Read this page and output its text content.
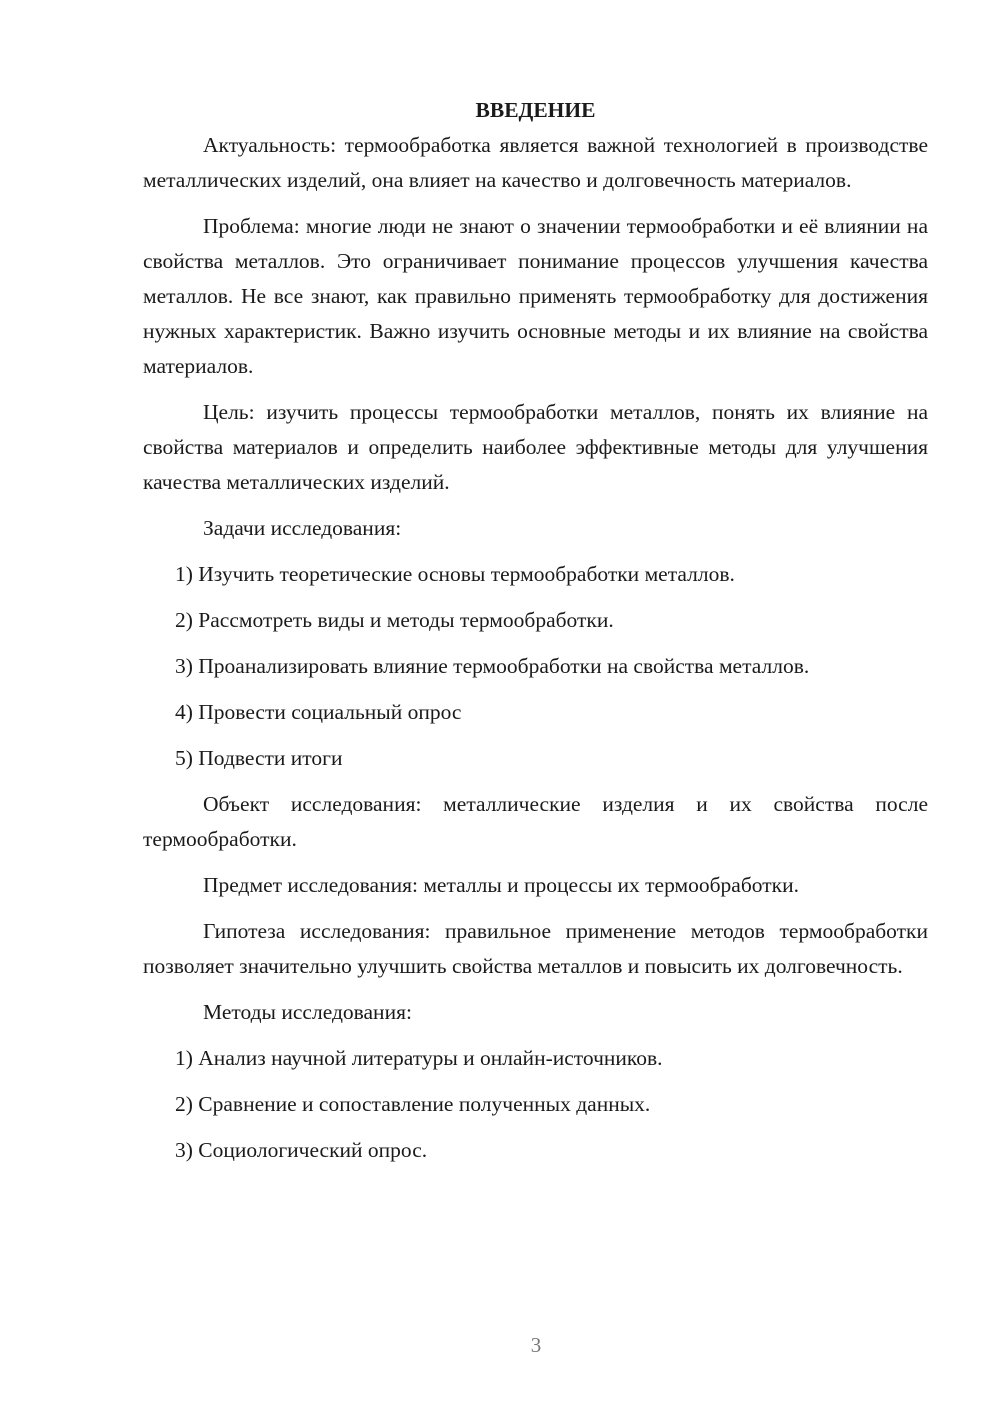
ВВЕДЕНИЕ

Актуальность: термообработка является важной технологией в производстве металлических изделий, она влияет на качество и долговечность материалов.

Проблема: многие люди не знают о значении термообработки и её влиянии на свойства металлов. Это ограничивает понимание процессов улучшения качества металлов. Не все знают, как правильно применять термообработку для достижения нужных характеристик. Важно изучить основные методы и их влияние на свойства материалов.

Цель: изучить процессы термообработки металлов, понять их влияние на свойства материалов и определить наиболее эффективные методы для улучшения качества металлических изделий.

Задачи исследования:

1) Изучить теоретические основы термообработки металлов.
2) Рассмотреть виды и методы термообработки.
3) Проанализировать влияние термообработки на свойства металлов.
4) Провести социальный опрос
5) Подвести итоги

Объект исследования: металлические изделия и их свойства после термообработки.

Предмет исследования: металлы и процессы их термообработки.

Гипотеза исследования: правильное применение методов термообработки позволяет значительно улучшить свойства металлов и повысить их долговечность.

Методы исследования:

1) Анализ научной литературы и онлайн-источников.
2) Сравнение и сопоставление полученных данных.
3) Социологический опрос.
3
